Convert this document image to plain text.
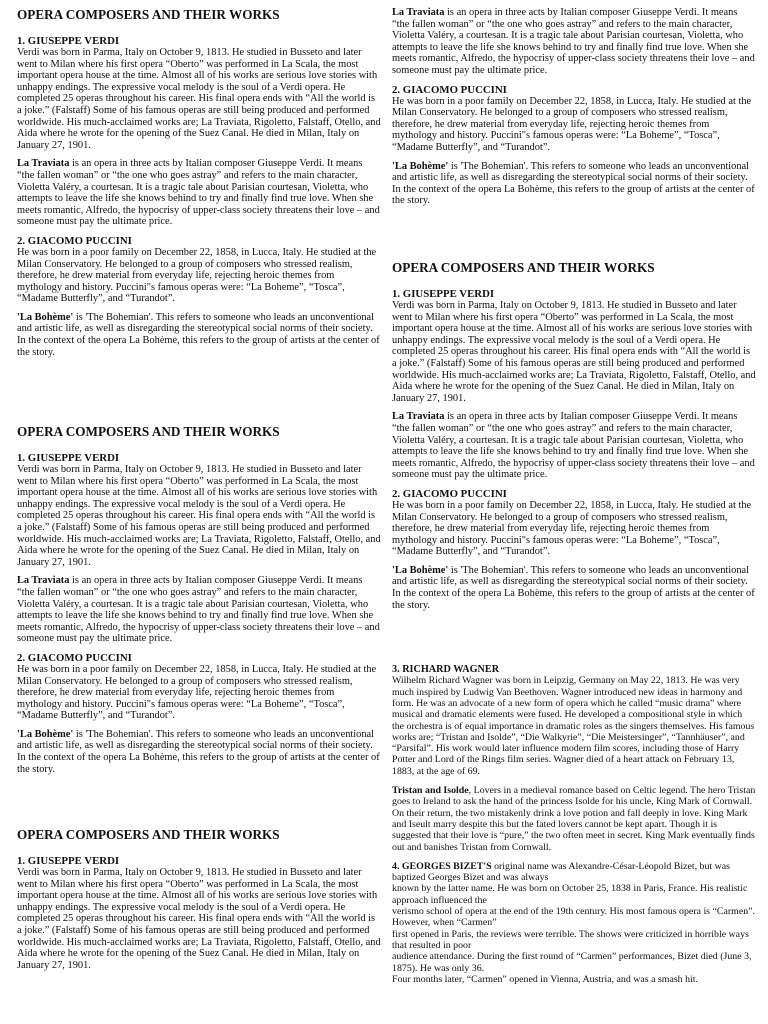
OPERA COMPOSERS AND THEIR WORKS
1. GIUSEPPE VERDI

Verdi was born in Parma, Italy on October 9, 1813. He studied in Busseto and later went to Milan where his first opera “Oberto” was performed in La Scala, the most important opera house at the time. Almost all of his works are serious love stories with unhappy endings. The expressive vocal melody is the soul of a Verdi opera. He completed 25 operas throughout his career. His final opera ends with “All the world is a joke.” (Falstaff) Some of his famous operas are still being produced and performed worldwide. His much-acclaimed works are; La Traviata, Rigoletto, Falstaff, Otello, and Aida where he wrote for the opening of the Suez Canal. He died in Milan, Italy on January 27, 1901.

La Traviata is an opera in three acts by Italian composer Giuseppe Verdi. It means “the fallen woman” or “the one who goes astray” and refers to the main character, Violetta Valéry, a courtesan. It is a tragic tale about Parisian courtesan, Violetta, who attempts to leave the life she knows behind to try and finally find true love. When she meets romantic, Alfredo, the hypocrisy of upper-class society threatens their love – and someone must pay the ultimate price.

2. GIACOMO PUCCINI

He was born in a poor family on December 22, 1858, in Lucca, Italy. He studied at the Milan Conservatory. He belonged to a group of composers who stressed realism, therefore, he drew material from everyday life, rejecting heroic themes from mythology and history. Puccini"s famous operas were: “La Boheme”, “Tosca”, “Madame Butterfly”, and “Turandot”.

'La Bohème' is 'The Bohemian'. This refers to someone who leads an unconventional and artistic life, as well as disregarding the stereotypical social norms of their society. In the context of the opera La Bohème, this refers to the group of artists at the center of the story.

OPERA COMPOSERS AND THEIR WORKS
1. GIUSEPPE VERDI

Verdi was born in Parma, Italy on October 9, 1813. He studied in Busseto and later went to Milan where his first opera “Oberto” was performed in La Scala, the most important opera house at the time. Almost all of his works are serious love stories with unhappy endings. The expressive vocal melody is the soul of a Verdi opera. He completed 25 operas throughout his career. His final opera ends with “All the world is a joke.” (Falstaff) Some of his famous operas are still being produced and performed worldwide. His much-acclaimed works are; La Traviata, Rigoletto, Falstaff, Otello, and Aida where he wrote for the opening of the Suez Canal. He died in Milan, Italy on January 27, 1901.

La Traviata is an opera in three acts by Italian composer Giuseppe Verdi. It means “the fallen woman” or “the one who goes astray” and refers to the main character, Violetta Valéry, a courtesan. It is a tragic tale about Parisian courtesan, Violetta, who attempts to leave the life she knows behind to try and finally find true love. When she meets romantic, Alfredo, the hypocrisy of upper-class society threatens their love – and someone must pay the ultimate price.

2. GIACOMO PUCCINI

He was born in a poor family on December 22, 1858, in Lucca, Italy. He studied at the Milan Conservatory. He belonged to a group of composers who stressed realism, therefore, he drew material from everyday life, rejecting heroic themes from mythology and history. Puccini"s famous operas were: “La Boheme”, “Tosca”, “Madame Butterfly”, and “Turandot”.

'La Bohème' is 'The Bohemian'. This refers to someone who leads an unconventional and artistic life, as well as disregarding the stereotypical social norms of their society. In the context of the opera La Bohème, this refers to the group of artists at the center of the story.

OPERA COMPOSERS AND THEIR WORKS
1. GIUSEPPE VERDI

Verdi was born in Parma, Italy on October 9, 1813. He studied in Busseto and later went to Milan where his first opera “Oberto” was performed in La Scala, the most important opera house at the time. Almost all of his works are serious love stories with unhappy endings. The expressive vocal melody is the soul of a Verdi opera. He completed 25 operas throughout his career. His final opera ends with “All the world is a joke.” (Falstaff) Some of his famous operas are still being produced and performed worldwide. His much-acclaimed works are; La Traviata, Rigoletto, Falstaff, Otello, and Aida where he wrote for the opening of the Suez Canal. He died in Milan, Italy on January 27, 1901.

La Traviata is an opera in three acts by Italian composer Giuseppe Verdi. It means “the fallen woman” or “the one who goes astray” and refers to the main character, Violetta Valéry, a courtesan. It is a tragic tale about Parisian courtesan, Violetta, who attempts to leave the life she knows behind to try and finally find true love. When she meets romantic, Alfredo, the hypocrisy of upper-class society threatens their love – and someone must pay the ultimate price.

2. GIACOMO PUCCINI

He was born in a poor family on December 22, 1858, in Lucca, Italy. He studied at the Milan Conservatory. He belonged to a group of composers who stressed realism, therefore, he drew material from everyday life, rejecting heroic themes from mythology and history. Puccini"s famous operas were: “La Boheme”, “Tosca”, “Madame Butterfly”, and “Turandot”.

'La Bohème' is 'The Bohemian'. This refers to someone who leads an unconventional and artistic life, as well as disregarding the stereotypical social norms of their society. In the context of the opera La Bohème, this refers to the group of artists at the center of the story.

OPERA COMPOSERS AND THEIR WORKS
1. GIUSEPPE VERDI

Verdi was born in Parma, Italy on October 9, 1813. He studied in Busseto and later went to Milan where his first opera “Oberto” was performed in La Scala, the most important opera house at the time. Almost all of his works are serious love stories with unhappy endings. The expressive vocal melody is the soul of a Verdi opera. He completed 25 operas throughout his career. His final opera ends with “All the world is a joke.” (Falstaff) Some of his famous operas are still being produced and performed worldwide. His much-acclaimed works are; La Traviata, Rigoletto, Falstaff, Otello, and Aida where he wrote for the opening of the Suez Canal. He died in Milan, Italy on January 27, 1901.

La Traviata is an opera in three acts by Italian composer Giuseppe Verdi. It means “the fallen woman” or “the one who goes astray” and refers to the main character, Violetta Valéry, a courtesan. It is a tragic tale about Parisian courtesan, Violetta, who attempts to leave the life she knows behind to try and finally find true love. When she meets romantic, Alfredo, the hypocrisy of upper-class society threatens their love – and someone must pay the ultimate price.

2. GIACOMO PUCCINI

He was born in a poor family on December 22, 1858, in Lucca, Italy. He studied at the Milan Conservatory. He belonged to a group of composers who stressed realism, therefore, he drew material from everyday life, rejecting heroic themes from mythology and history. Puccini"s famous operas were: “La Boheme”, “Tosca”, “Madame Butterfly”, and “Turandot”.

'La Bohème' is 'The Bohemian'. This refers to someone who leads an unconventional and artistic life, as well as disregarding the stereotypical social norms of their society. In the context of the opera La Bohème, this refers to the group of artists at the center of the story.

3. RICHARD WAGNER

Wilhelm Richard Wagner was born in Leipzig, Germany on May 22, 1813. He was very much inspired by Ludwig Van Beethoven. Wagner introduced new ideas in harmony and form. He was an advocate of a new form of opera which he called “music drama” where musical and dramatic elements were fused. He developed a compositional style in which the orchestra is of equal importance in dramatic roles as the singers themselves. His famous works are; “Tristan and Isolde”, “Die Walkyrie”, “Die Meistersinger”, “Tannhäuser”, and “Parsifal”. His work would later influence modern film scores, including those of Harry Potter and Lord of the Rings film series. Wagner died of a heart attack on February 13, 1883, at the age of 69.

Tristan and Isolde, Lovers in a medieval romance based on Celtic legend. The hero Tristan goes to Ireland to ask the hand of the princess Isolde for his uncle, King Mark of Cornwall. On their return, the two mistakenly drink a love potion and fall deeply in love. King Mark and Iseult marry despite this but the fated lovers cannot be kept apart. Though it is suggested that their love is “pure,” the two often meet in secret. King Mark eventually finds out and banishes Tristan from Cornwall.

4. GEORGES BIZET'S original name was Alexandre-César-Léopold Bizet, but was baptized Georges Bizet and was always
known by the latter name. He was born on October 25, 1838 in Paris, France. His realistic approach influenced the
verismo school of opera at the end of the 19th century. His most famous opera is “Carmen”. However, when “Carmen”
first opened in Paris, the reviews were terrible. The shows were criticized in horrible ways that resulted in poor
audience attendance. During the first round of “Carmen” performances, Bizet died (June 3, 1875). He was only 36.
Four months later, “Carmen” opened in Vienna, Austria, and was a smash hit.
